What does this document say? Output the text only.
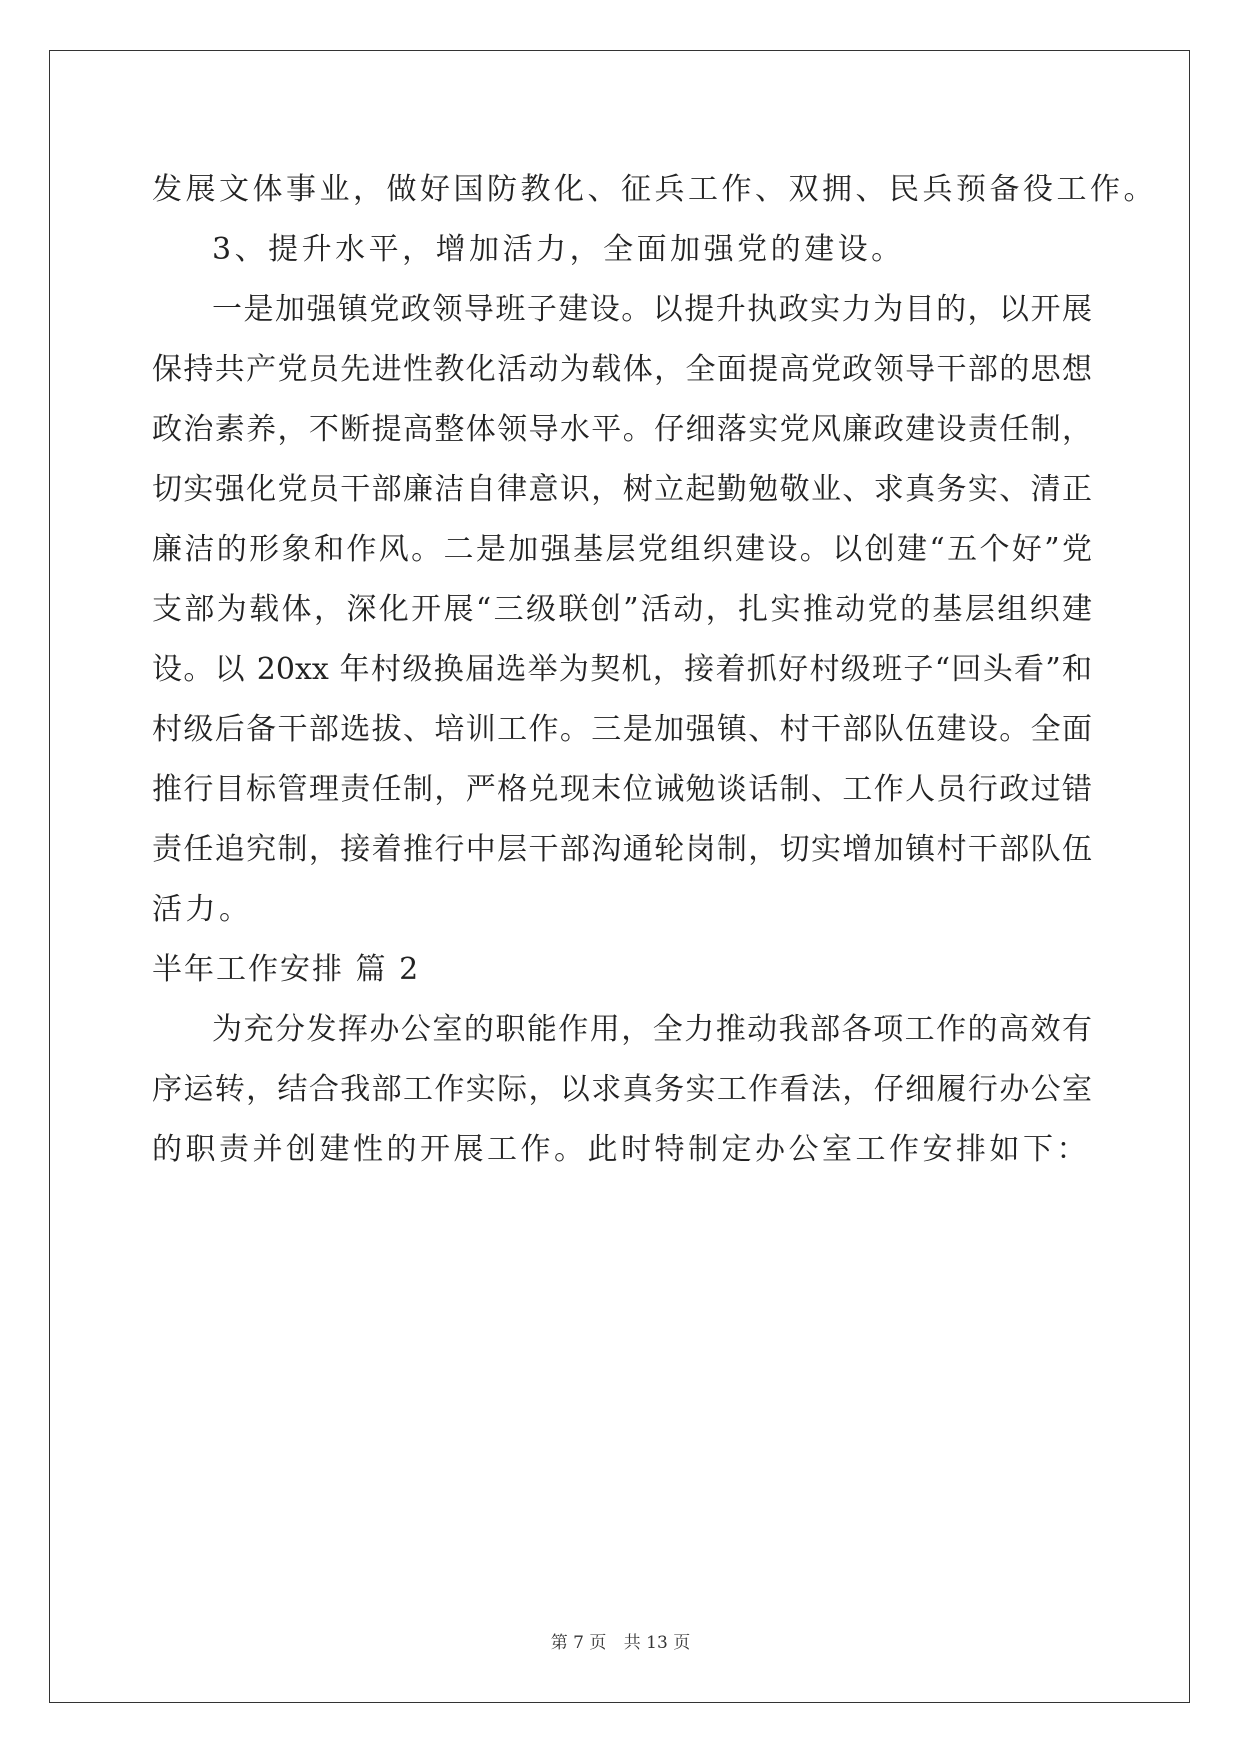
发展文体事业，做好国防教化、征兵工作、双拥、民兵预备役工作。
3、提升水平，增加活力，全面加强党的建设。
一是加强镇党政领导班子建设。以提升执政实力为目的，以开展
保持共产党员先进性教化活动为载体，全面提高党政领导干部的思想
政治素养，不断提高整体领导水平。仔细落实党风廉政建设责任制，
切实强化党员干部廉洁自律意识，树立起勤勉敬业、求真务实、清正
廉洁的形象和作风。二是加强基层党组织建设。以创建“五个好”党
支部为载体，深化开展“三级联创”活动，扎实推动党的基层组织建
设。以 20xx 年村级换届选举为契机，接着抓好村级班子“回头看”和
村级后备干部选拔、培训工作。三是加强镇、村干部队伍建设。全面
推行目标管理责任制，严格兑现末位诫勉谈话制、工作人员行政过错
责任追究制，接着推行中层干部沟通轮岗制，切实增加镇村干部队伍
活力。
半年工作安排 篇 2
为充分发挥办公室的职能作用，全力推动我部各项工作的高效有
序运转，结合我部工作实际，以求真务实工作看法，仔细履行办公室
的职责并创建性的开展工作。此时特制定办公室工作安排如下：
第 7 页 共 13 页
